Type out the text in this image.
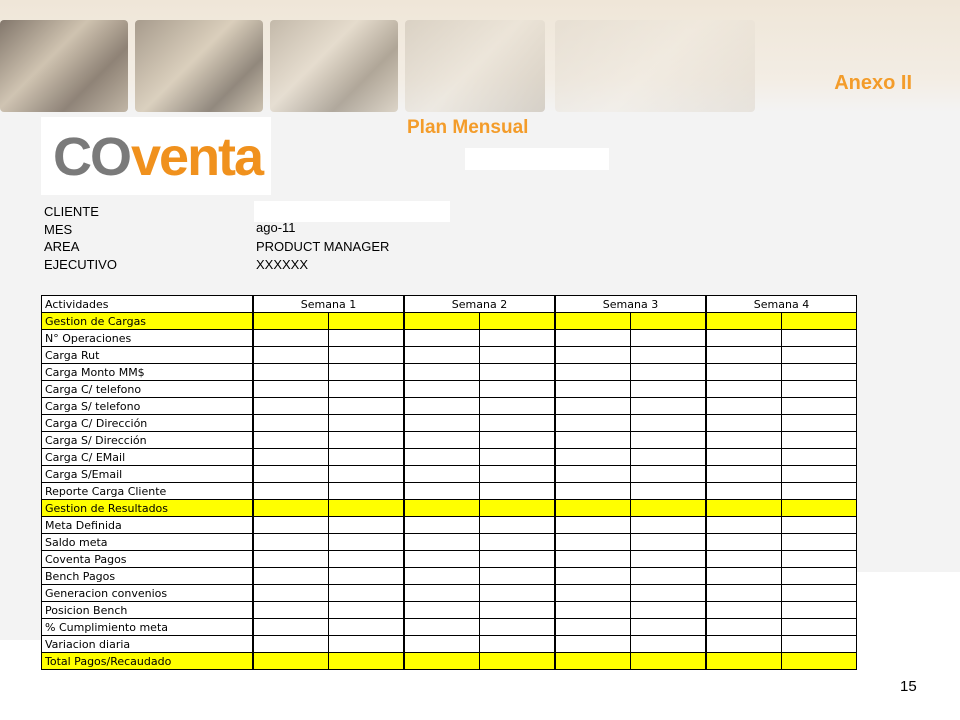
Anexo II
Plan Mensual
CO venta
CLIENTE
MES	ago-11
AREA	PRODUCT MANAGER
EJECUTIVO	XXXXXX
Actividades	Semana 1		Semana 2		Semana 3		Semana 4	
Gestion de Cargas								
N° Operaciones								
Carga Rut								
Carga Monto MM$								
Carga C/ telefono								
Carga S/ telefono								
Carga C/ Dirección								
Carga S/ Dirección								
Carga C/ EMail								
Carga S/Email								
Reporte Carga Cliente								
Gestion de Resultados								
Meta Definida								
Saldo meta								
Coventa Pagos								
Bench Pagos								
Generacion convenios								
Posicion Bench								
% Cumplimiento meta								
Variacion diaria								
Total Pagos/Recaudado								
15
